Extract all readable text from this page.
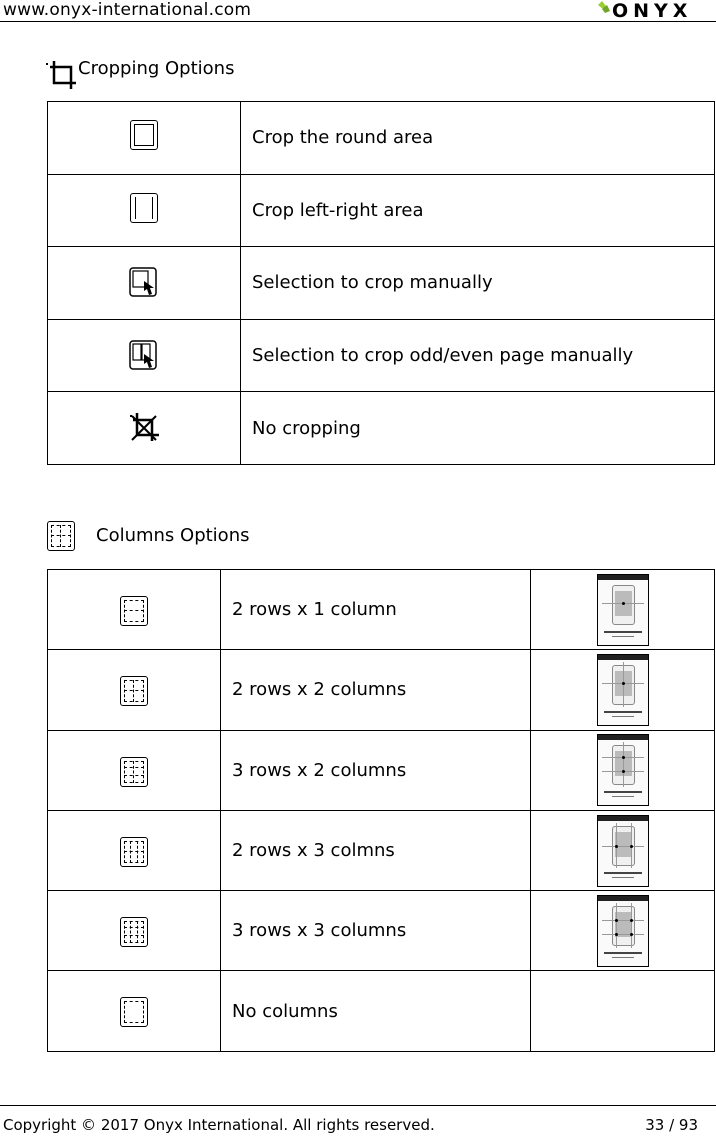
www.onyx-international.com	ONYX
Cropping Options
	Crop the round area

	Crop left-right area
	Selection to crop manually
	Selection to crop odd/even page manually
	No cropping
Columns Options
	2 rows x 1 column	

	2 rows x 2 columns	

	3 rows x 2 columns	

	2 rows x 3 colmns	

	3 rows x 3 columns	

	No columns	
Copyright © 2017 Onyx International. All rights reserved.	33 / 93
